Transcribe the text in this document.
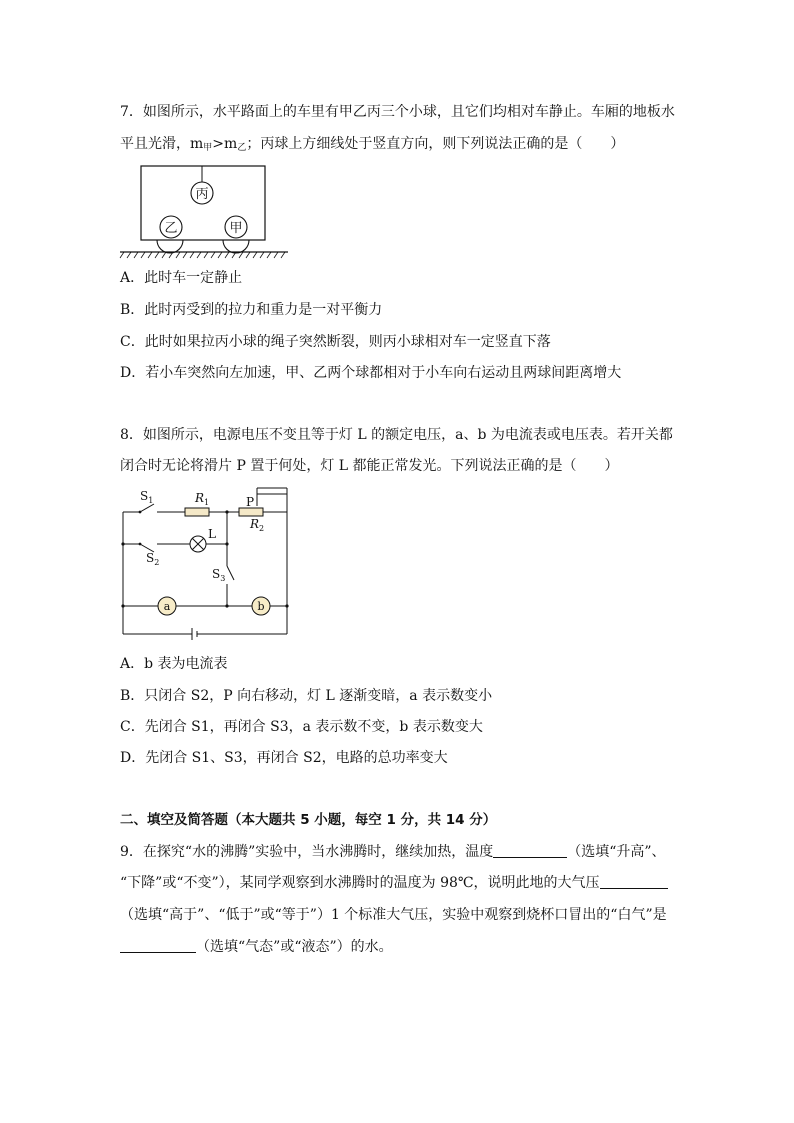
7．如图所示，水平路面上的车里有甲乙丙三个小球，且它们均相对车静止。车厢的地板水
平且光滑，$m_甲>m_乙$；丙球上方细线处于竖直方向，则下列说法正确的是（　　）
丙
乙	甲
A．此时车一定静止
B．此时丙受到的拉力和重力是一对平衡力
C．此时如果拉丙小球的绳子突然断裂，则丙小球相对车一定竖直下落
D．若小车突然向左加速，甲、乙两个球都相对于小车向右运动且两球间距离增大
8．如图所示，电源电压不变且等于灯 L 的额定电压，a、b 为电流表或电压表。若开关都
闭合时无论将滑片 P 置于何处，灯 L 都能正常发光。下列说法正确的是（　　）
$S_1$	$R_1$	P
$R_2$
L
$S_2$
$S_3$
a	b
A．b 表为电流表
B．只闭合 S2，P 向右移动，灯 L 逐渐变暗，a 表示数变小
C．先闭合 S1，再闭合 S3，a 表示数不变，b 表示数变大
D．先闭合 S1、S3，再闭合 S2，电路的总功率变大
二、填空及简答题（本大题共 5 小题，每空 1 分，共 14 分）
9．在探究“水的沸腾”实验中，当水沸腾时，继续加热，温度	（选填“升高”、
“下降”或“不变”），某同学观察到水沸腾时的温度为 98℃，说明此地的大气压
（选填“高于”、“低于”或“等于”）1 个标准大气压，实验中观察到烧杯口冒出的“白气”是
（选填“气态”或“液态”）的水。
